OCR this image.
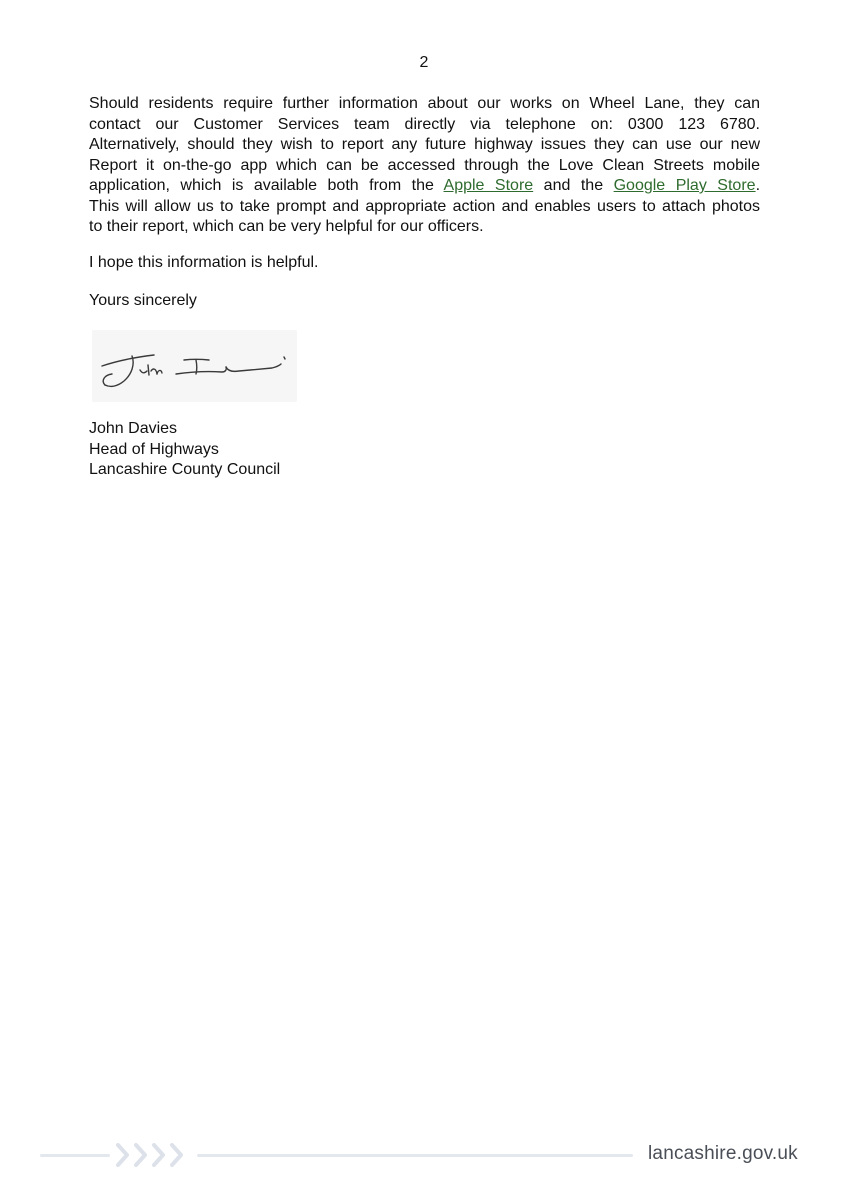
2
Should residents require further information about our works on Wheel Lane, they can
contact our Customer Services team directly via telephone on: 0300 123 6780.
Alternatively, should they wish to report any future highway issues they can use our new
Report it on-the-go app which can be accessed through the Love Clean Streets mobile
application, which is available both from the Apple Store and the Google Play Store.
This will allow us to take prompt and appropriate action and enables users to attach photos
to their report, which can be very helpful for our officers.
I hope this information is helpful.
Yours sincerely
John Davies
Head of Highways
Lancashire County Council
lancashire.gov.uk
